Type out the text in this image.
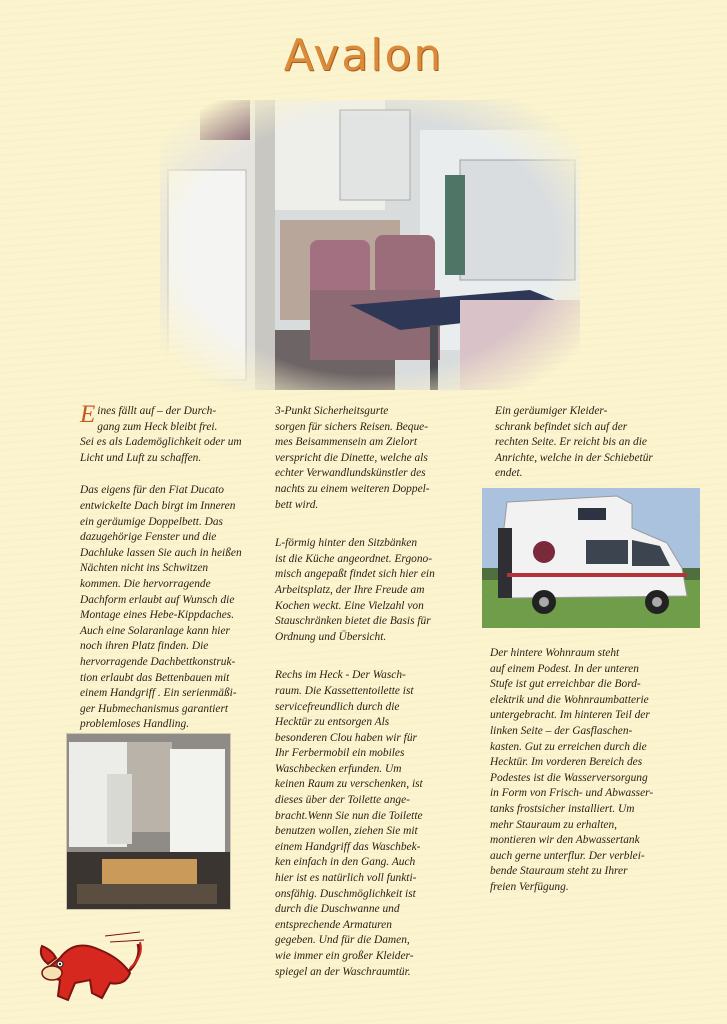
Avalon

E ines fällt auf – der Durch-
gang zum Heck bleibt frei.
Sei es als Lademöglichkeit oder um
Licht und Luft zu schaffen.

Das eigens für den Fiat Ducato
entwickelte Dach birgt im Inneren
ein geräumige Doppelbett. Das
dazugehörige Fenster und die
Dachluke lassen Sie auch in heißen
Nächten nicht ins Schwitzen
kommen. Die hervorragende
Dachform erlaubt auf Wunsch die
Montage eines Hebe-Kippdaches.
Auch eine Solaranlage kann hier
noch ihren Platz finden. Die
hervorragende Dachbettkonstruk-
tion erlaubt das Bettenbauen mit
einem Handgriff . Ein serienmäßi-
ger Hubmechanismus garantiert
problemloses Handling.

3-Punkt Sicherheitsgurte
sorgen für sichers Reisen. Beque-
mes Beisammensein am Zielort
verspricht die Dinette, welche als
echter Verwandlundskünstler des
nachts zu einem weiteren Doppel-
bett wird.

L-förmig hinter den Sitzbänken
ist die Küche angeordnet. Ergono-
misch angepaßt findet sich hier ein
Arbeitsplatz, der Ihre Freude am
Kochen weckt. Eine Vielzahl von
Stauschränken bietet die Basis für
Ordnung und Übersicht.

Rechs im Heck - Der Wasch-
raum. Die Kassettentoilette ist
servicefreundlich durch die
Hecktür zu entsorgen Als
besonderen Clou haben wir für
Ihr Ferbermobil ein mobiles
Waschbecken erfunden. Um
keinen Raum zu verschenken, ist
dieses über der Toilette ange-
bracht.Wenn Sie nun die Toilette
benutzen wollen, ziehen Sie mit
einem Handgriff das Waschbek-
ken einfach in den Gang. Auch
hier ist es natürlich voll funkti-
onsfähig. Duschmöglichkeit ist
durch die Duschwanne und
entsprechende Armaturen
gegeben. Und für die Damen,
wie immer ein großer Kleider-
spiegel an der Waschraumtür.

Ein geräumiger Kleider-
schrank befindet sich auf der
rechten Seite. Er reicht bis an die
Anrichte, welche in der Schiebetür
endet.

Der hintere Wohnraum steht
auf einem Podest. In der unteren
Stufe ist gut erreichbar die Bord-
elektrik und die Wohnraumbatterie
untergebracht. Im hinteren Teil der
linken Seite – der Gasflaschen-
kasten. Gut zu erreichen durch die
Hecktür. Im vorderen Bereich des
Podestes ist die Wasserversorgung
in Form von Frisch- und Abwasser-
tanks frostsicher installiert. Um
mehr Stauraum zu erhalten,
montieren wir den Abwassertank
auch gerne unterflur. Der verblei-
bende Stauraum steht zu Ihrer
freien Verfügung.
